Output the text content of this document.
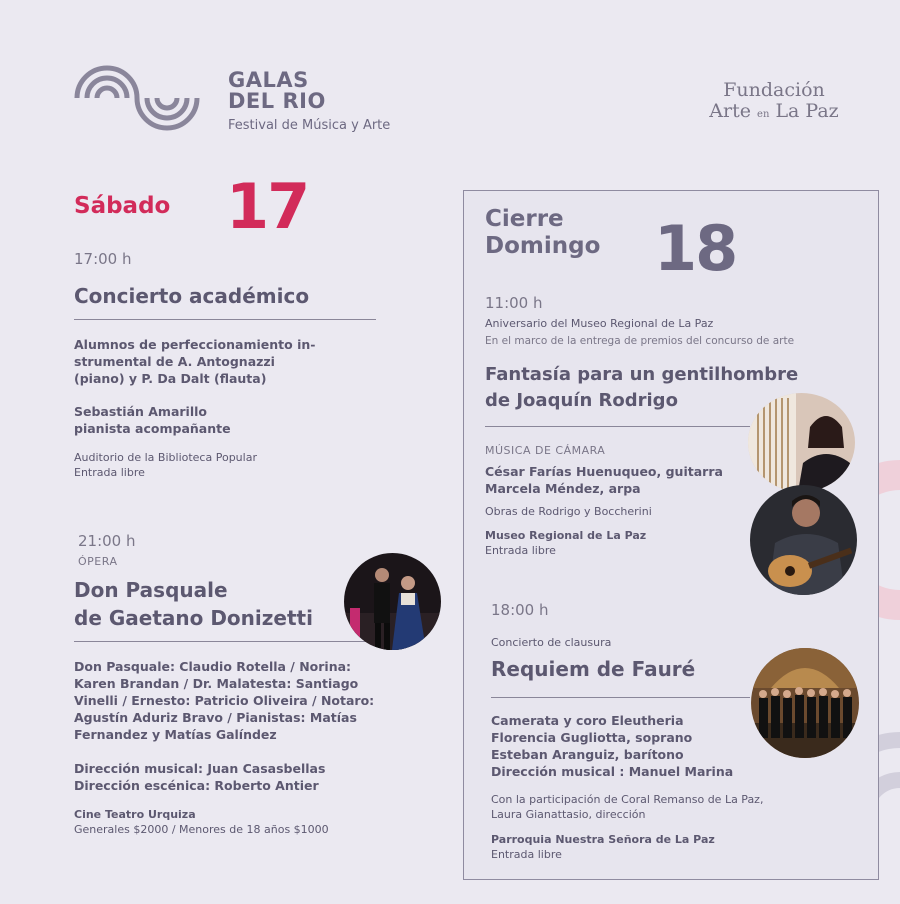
GALAS
DEL RIO
Festival de Música y Arte
Fundación
Arte en La Paz
Sábado 17
17:00 h
Concierto académico
Alumnos de perfeccionamiento in-
strumental de A. Antognazzi
(piano) y P. Da Dalt (flauta)
Sebastián Amarillo
pianista acompañante
Auditorio de la Biblioteca Popular
Entrada libre
21:00 h
ÓPERA
Don Pasquale
de Gaetano Donizetti
Don Pasquale: Claudio Rotella / Norina:
Karen Brandan / Dr. Malatesta: Santiago
Vinelli / Ernesto: Patricio Oliveira / Notaro:
Agustín Aduriz Bravo / Pianistas: Matías
Fernandez y Matías Galíndez
Dirección musical: Juan Casasbellas
Dirección escénica: Roberto Antier
Cine Teatro Urquiza
Generales $2000 / Menores de 18 años $1000
Cierre
Domingo 18
11:00 h
Aniversario del Museo Regional de La Paz
En el marco de la entrega de premios del concurso de arte
Fantasía para un gentilhombre
de Joaquín Rodrigo
MÚSICA DE CÁMARA
César Farías Huenuqueo, guitarra
Marcela Méndez, arpa
Obras de Rodrigo y Boccherini
Museo Regional de La Paz
Entrada libre
18:00 h
Concierto de clausura
Requiem de Fauré
Camerata y coro Eleutheria
Florencia Gugliotta, soprano
Esteban Aranguiz, barítono
Dirección musical : Manuel Marina
Con la participación de Coral Remanso de La Paz,
Laura Gianattasio, dirección
Parroquia Nuestra Señora de La Paz
Entrada libre
